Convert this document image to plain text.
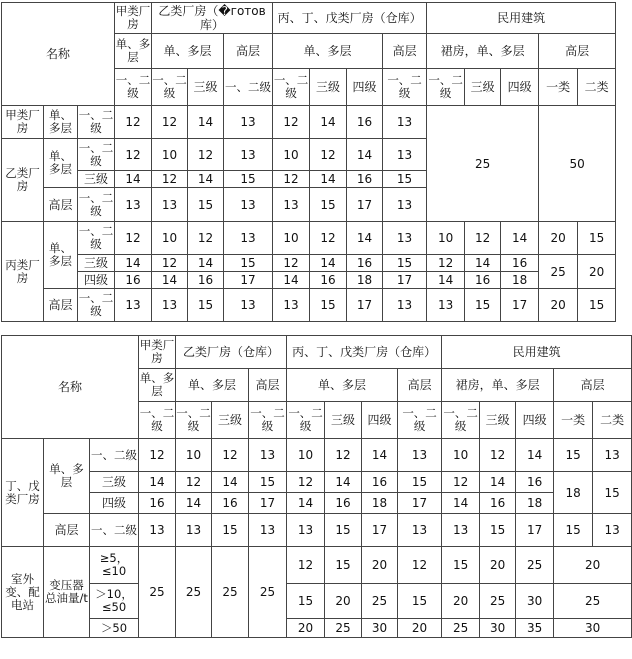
名称			甲类厂房	乙类厂房（�готов库）			丙、丁、戊类厂房（仓库）				民用建筑				
			单、多层	单、多层		高层	单、多层			高层	裙房，单、多层			高层	
			一、二级	一、二级	三级	一、二级	一、二级	三级	四级	一、二级	一、二级	三级	四级	一类	二类
甲类厂房	单、多层	一、二级	12	12	14	13	12	14	16	13	25			50	
乙类厂房	单、多层	一、二级	12	10	12	13	10	12	14	13					
		三级	14	12	14	15	12	14	16	15					
	高层	一、二级	13	13	15	13	13	15	17	13					
丙类厂房	单、多层	一、二级	12	10	12	13	10	12	14	13	10	12	14	20	15
		三级	14	12	14	15	12	14	16	15	12	14	16	25	20
		四级	16	14	16	17	14	16	18	17	14	16	18		
	高层	一、二级	13	13	15	13	13	15	17	13	13	15	17	20	15
名称			甲类厂房	乙类厂房（仓库）			丙、丁、戊类厂房（仓库）				民用建筑				
			单、多层	单、多层		高层	单、多层			高层	裙房，单、多层			高层	
			一、二级	一、二级	三级	一、二级	一、二级	三级	四级	一、二级	一、二级	三级	四级	一类	二类
丁、戊类厂房	单、多层	一、二级	12	10	12	13	10	12	14	13	10	12	14	15	13
		三级	14	12	14	15	12	14	16	15	12	14	16	18	15
		四级	16	14	16	17	14	16	18	17	14	16	18		
	高层	一、二级	13	13	15	13	13	15	17	13	13	15	17	15	13
室外变、配电站	变压器总油量/t	≥5，≤10	25	25	25	25	12	15	20	12	15	20	25	20	
		＞10，≤50					15	20	25	15	20	25	30	25	
		＞50					20	25	30	20	25	30	35	30	
